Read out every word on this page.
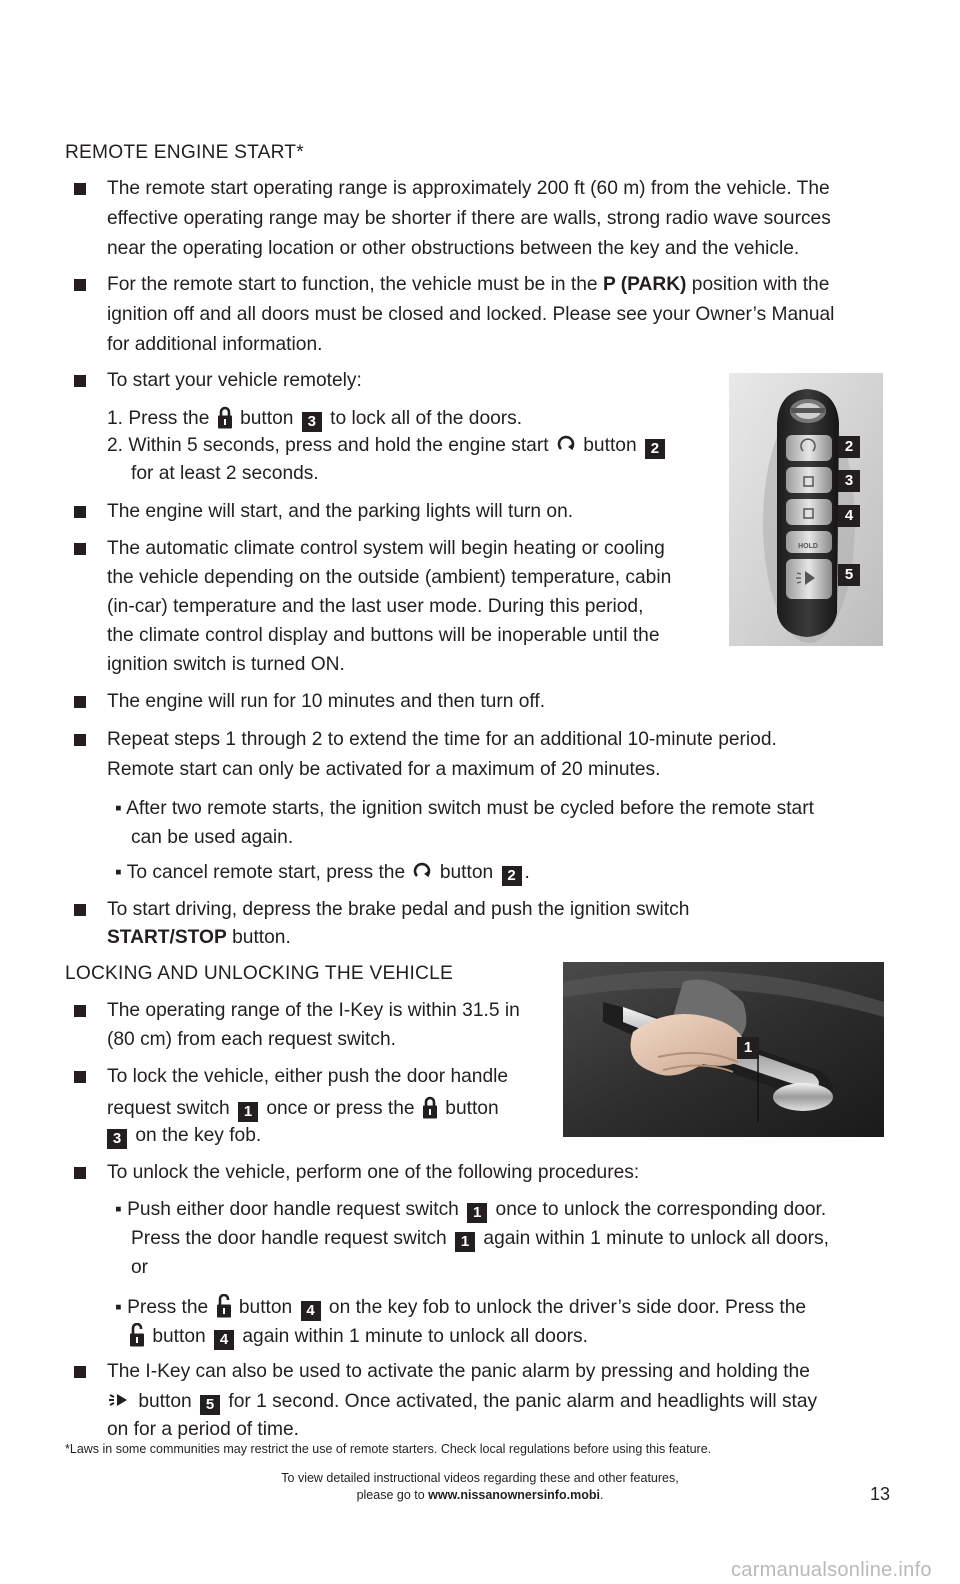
REMOTE ENGINE START*
The remote start operating range is approximately 200 ft (60 m) from the vehicle. The
effective operating range may be shorter if there are walls, strong radio wave sources
near the operating location or other obstructions between the key and the vehicle.
For the remote start to function, the vehicle must be in the P (PARK) position with the
ignition off and all doors must be closed and locked. Please see your Owner’s Manual
for additional information.
To start your vehicle remotely:
1. Press the button 3 to lock all of the doors.
2. Within 5 seconds, press and hold the engine start button 2
for at least 2 seconds.
The engine will start, and the parking lights will turn on.
The automatic climate control system will begin heating or cooling
the vehicle depending on the outside (ambient) temperature, cabin
(in-car) temperature and the last user mode. During this period,
the climate control display and buttons will be inoperable until the
ignition switch is turned ON.
The engine will run for 10 minutes and then turn off.
Repeat steps 1 through 2 to extend the time for an additional 10-minute period.
Remote start can only be activated for a maximum of 20 minutes.
▪ After two remote starts, the ignition switch must be cycled before the remote start
can be used again.
▪ To cancel remote start, press the button 2 .
To start driving, depress the brake pedal and push the ignition switch
START/STOP button.
HOLD
2
3
4
5
LOCKING AND UNLOCKING THE VEHICLE
The operating range of the I-Key is within 31.5 in
(80 cm) from each request switch.
To lock the vehicle, either push the door handle
request switch 1 once or press the button
3 on the key fob.
To unlock the vehicle, perform one of the following procedures:
▪ Push either door handle request switch 1 once to unlock the corresponding door.
Press the door handle request switch 1 again within 1 minute to unlock all doors,
or
▪ Press the button 4 on the key fob to unlock the driver’s side door. Press the
button 4 again within 1 minute to unlock all doors.
The I-Key can also be used to activate the panic alarm by pressing and holding the
button 5 for 1 second. Once activated, the panic alarm and headlights will stay
on for a period of time.
1
*Laws in some communities may restrict the use of remote starters. Check local regulations before using this feature.
To view detailed instructional videos regarding these and other features,
please go to www.nissanownersinfo.mobi.	13
carmanualsonline.info
